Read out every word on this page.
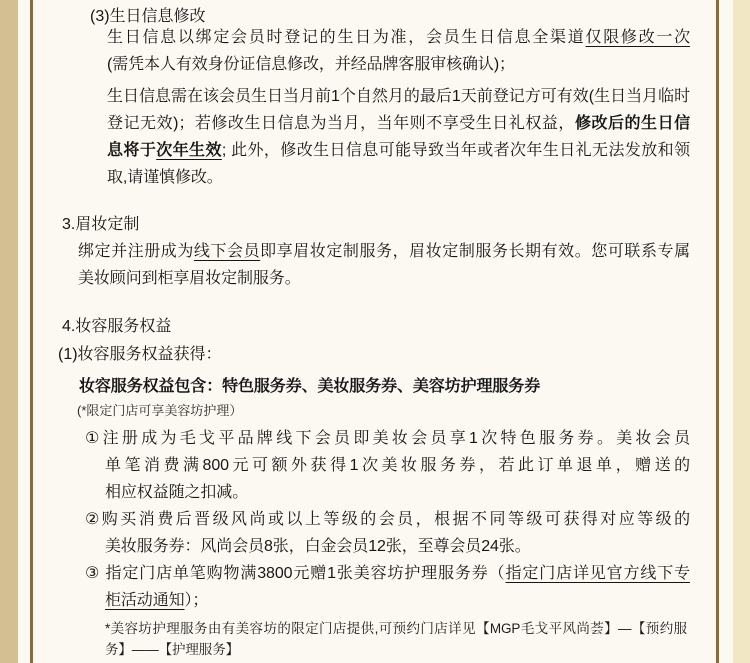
(3)生日信息修改
生日信息以绑定会员时登记的生日为准，会员生日信息全渠道仅限修改一次
(需凭本人有效身份证信息修改，并经品牌客服审核确认)；
生日信息需在该会员生日当月前1个自然月的最后1天前登记方可有效(生日当月临时
登记无效)；若修改生日信息为当月，当年则不享受生日礼权益，修改后的生日信
息将于次年生效; 此外，修改生日信息可能导致当年或者次年生日礼无法发放和领
取,请谨慎修改。
3.眉妆定制
绑定并注册成为线下会员即享眉妆定制服务，眉妆定制服务长期有效。您可联系专属
美妆顾问到柜享眉妆定制服务。
4.妆容服务权益
(1)妆容服务权益获得：
妆容服务权益包含：特色服务券、美妆服务券、美容坊护理服务券
(*限定门店可享美容坊护理）
①注册成为毛戈平品牌线下会员即美妆会员享1次特色服务券。美妆会员
单笔消费满800元可额外获得1次美妆服务券，若此订单退单，赠送的
相应权益随之扣减。
②购买消费后晋级风尚或以上等级的会员，根据不同等级可获得对应等级的
美妆服务券：风尚会员8张，白金会员12张，至尊会员24张。
③ 指定门店单笔购物满3800元赠1张美容坊护理服务券（指定门店详见官方线下专
柜活动通知）；
*美容坊护理服务由有美容坊的限定门店提供,可预约门店详见【MGP毛戈平风尚荟】—【预约服
务】——【护理服务】
